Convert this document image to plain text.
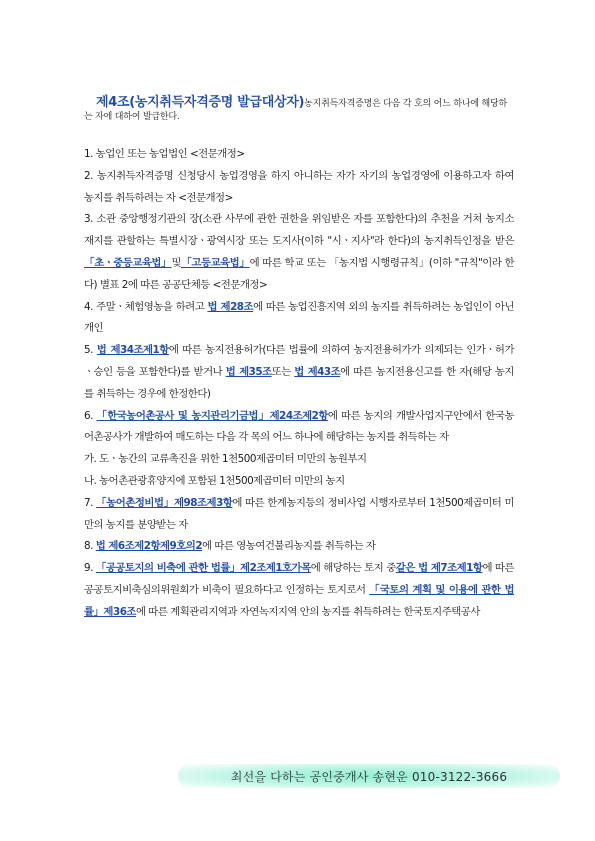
제4조(농지취득자격증명 발급대상자)농지취득자격증명은 다음 각 호의 어느 하나에 해당하는 자에 대하여 발급한다.

1. 농업인 또는 농업법인 <전문개정>

2. 농지취득자격증명 신청당시 농업경영을 하지 아니하는 자가 자기의 농업경영에 이용하고자 하여 농지를 취득하려는 자 <전문개정>

3. 소관 중앙행정기관의 장(소관 사무에 관한 권한을 위임받은 자를 포함한다)의 추천을 거쳐 농지소재지를 관할하는 특별시장ㆍ광역시장 또는 도지사(이하 "시ㆍ지사"라 한다)의 농지취득인정을 받은 「초ㆍ중등교육법」및「고등교육법」에 따른 학교 또는 「농지법 시행령규칙」(이하 "규칙"이라 한다) 별표 2에 따른 공공단체등 <전문개정>

4. 주말ㆍ체험영농을 하려고 법 제28조에 따른 농업진흥지역 외의 농지를 취득하려는 농업인이 아닌 개인

5. 법 제34조제1항에 따른 농지전용허가(다른 법률에 의하여 농지전용허가가 의제되는 인가ㆍ허가ㆍ승인 등을 포함한다)를 받거나 법 제35조또는 법 제43조에 따른 농지전용신고를 한 자(해당 농지를 취득하는 경우에 한정한다)

6. 「한국농어촌공사 및 농지관리기금법」제24조제2항에 따른 농지의 개발사업지구안에서 한국농어촌공사가 개발하여 매도하는 다음 각 목의 어느 하나에 해당하는 농지를 취득하는 자

가. 도ㆍ농간의 교류촉진을 위한 1천500제곱미터 미만의 농원부지

나. 농어촌관광휴양지에 포함된 1천500제곱미터 미만의 농지

7. 「농어촌정비법」제98조제3항에 따른 한계농지등의 정비사업 시행자로부터 1천500제곱미터 미만의 농지를 분양받는 자

8. 법 제6조제2항제9호의2에 따른 영농여건불리농지를 취득하는 자

9. 「공공토지의 비축에 관한 법률」제2조제1호가목에 해당하는 토지 중같은 법 제7조제1항에 따른 공공토지비축심의위원회가 비축이 필요하다고 인정하는 토지로서 「국토의 계획 및 이용에 관한 법률」제36조에 따른 계획관리지역과 자연녹지지역 안의 농지를 취득하려는 한국토지주택공사

최선을 다하는 공인중개사 송현운 010-3122-3666
